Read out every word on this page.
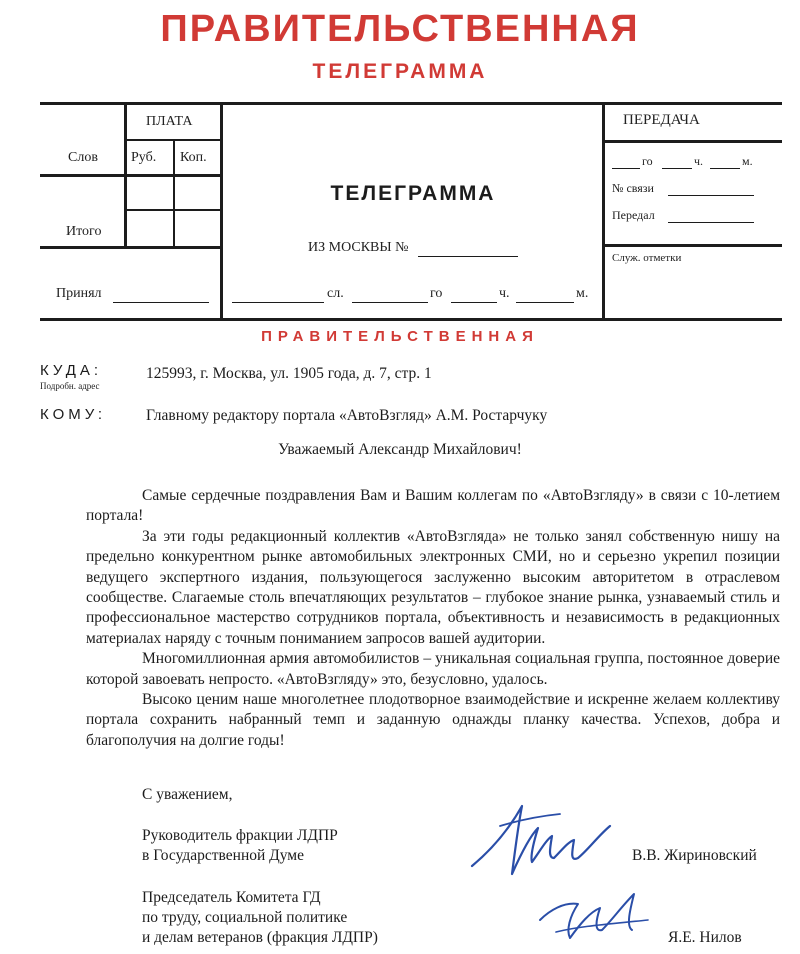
ПРАВИТЕЛЬСТВЕННАЯ
ТЕЛЕГРАММА
ПЛАТА
Слов Руб. Коп.
Итого
Принял
ТЕЛЕГРАММА
ИЗ МОСКВЫ №
сл.	го	ч.	м.
ПЕРЕДАЧА
го	ч.	м.
№ связи
Передал
Служ. отметки
ПРАВИТЕЛЬСТВЕННАЯ
КУДА:
Подробн. адрес
125993, г. Москва, ул. 1905 года, д. 7, стр. 1
КОМУ:	Главному редактору портала «АвтоВзгляд» А.М. Ростарчуку
Уважаемый Александр Михайлович!

Самые сердечные поздравления Вам и Вашим коллегам по «АвтоВзгляду» в связи с 10-летием портала!

За эти годы редакционный коллектив «АвтоВзгляда» не только занял собственную нишу на предельно конкурентном рынке автомобильных электронных СМИ, но и серьезно укрепил позиции ведущего экспертного издания, пользующегося заслуженно высоким авторитетом в отраслевом сообществе. Слагаемые столь впечатляющих результатов – глубокое знание рынка, узнаваемый стиль и профессиональное мастерство сотрудников портала, объективность и независимость в редакционных материалах наряду с точным пониманием запросов вашей аудитории.

Многомиллионная армия автомобилистов – уникальная социальная группа, постоянное доверие которой завоевать непросто. «АвтоВзгляду» это, безусловно, удалось.

Высоко ценим наше многолетнее плодотворное взаимодействие и искренне желаем коллективу портала сохранить набранный темп и заданную однажды планку качества. Успехов, добра и благополучия на долгие годы!

С уважением,
Руководитель фракции ЛДПР
в Государственной Думе	В.В. Жириновский
Председатель Комитета ГД
по труду, социальной политике
и делам ветеранов (фракция ЛДПР)	Я.Е. Нилов
